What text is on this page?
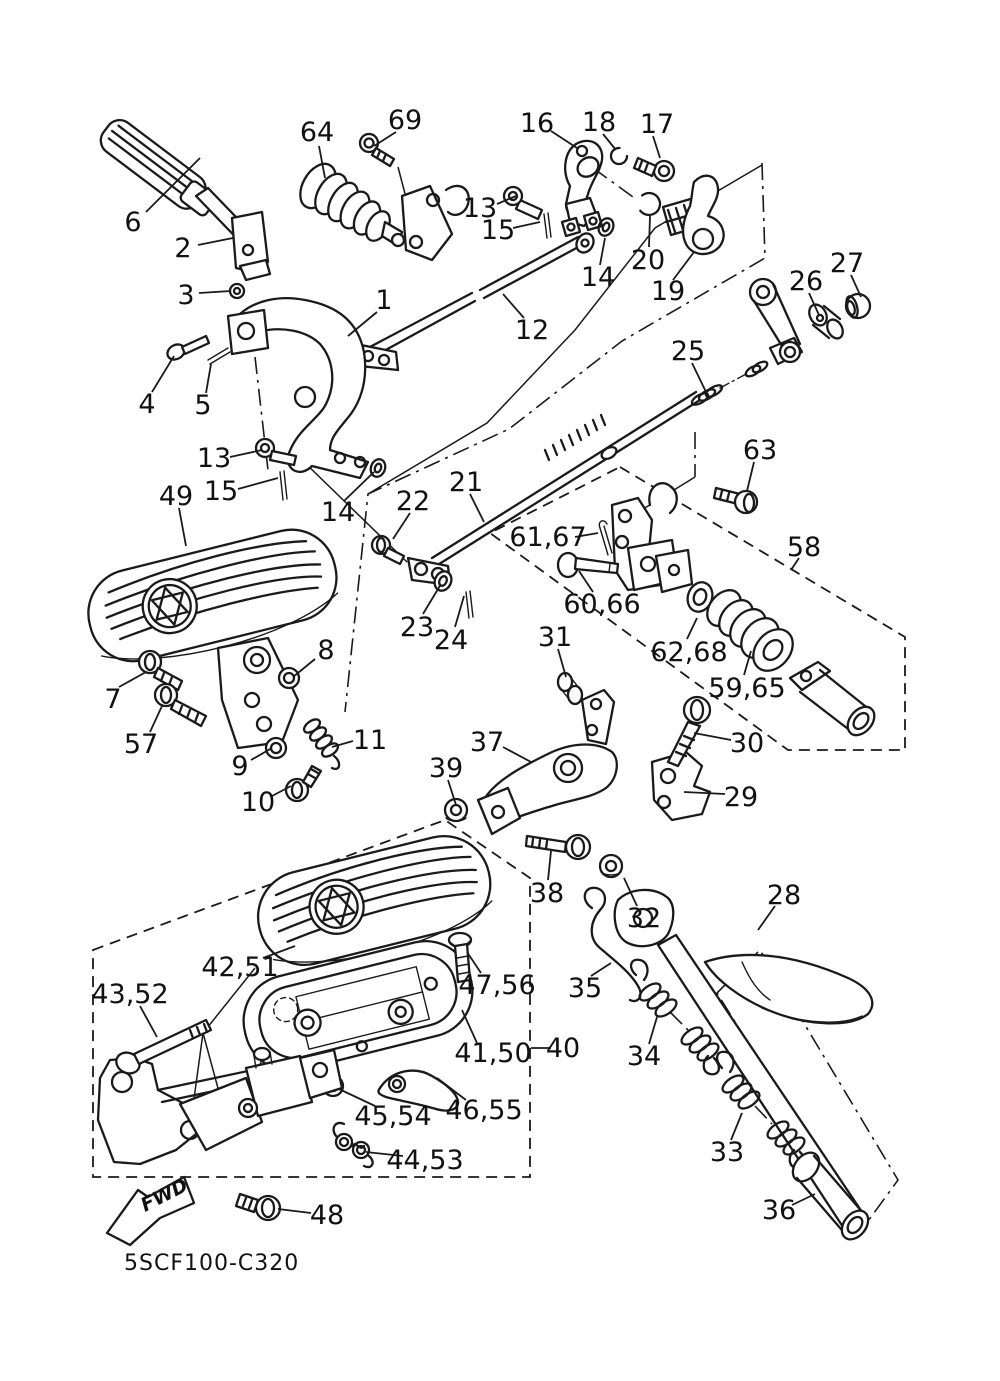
6
2
64 69	16 18 17
13
15
14
20
19
12
26
27
25
3	1
4 5
13
15
14
49	22
21
61,67
60,66
63
58
23 24	62,68
59,65
31
37
39
30
29
38
32
35
28
34
33
36
42,51
43,52	47,56
41,50 40
46,55
45,54
44,53
48
7
57
9
8
11
10
FWD
5SCF100-C320
